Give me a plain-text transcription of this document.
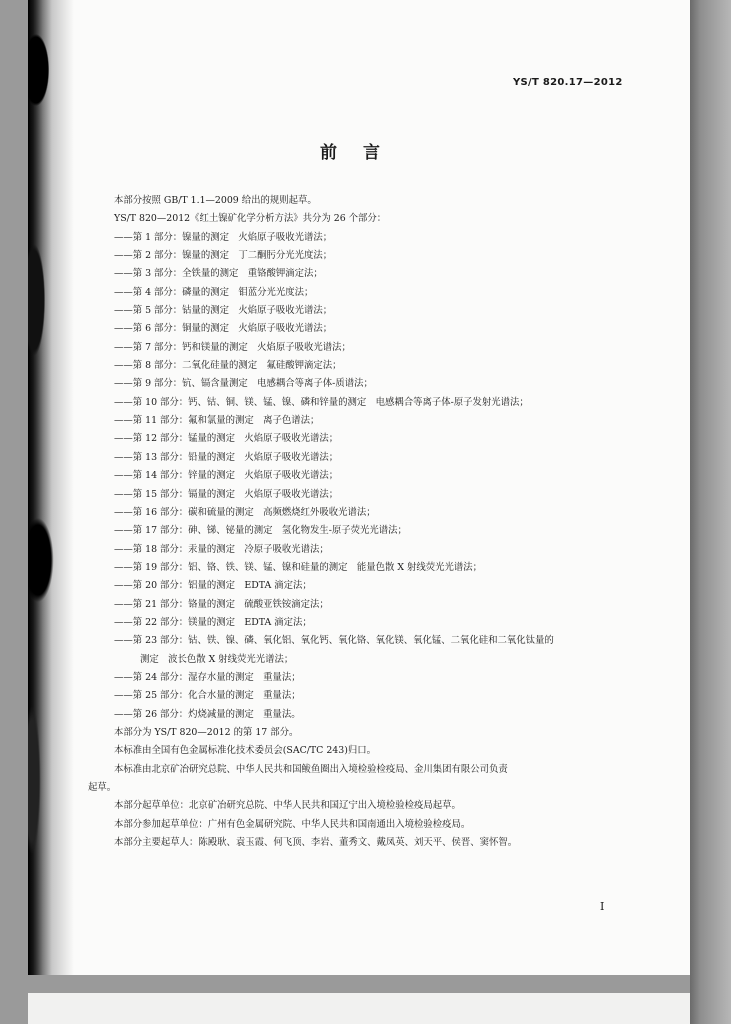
YS/T 820.17—2012

前言

本部分按照 GB/T 1.1—2009 给出的规则起草。

YS/T 820—2012《红土镍矿化学分析方法》共分为 26 个部分：

——第 1 部分：镍量的测定　火焰原子吸收光谱法；

——第 2 部分：镍量的测定　丁二酮肟分光光度法；

——第 3 部分：全铁量的测定　重铬酸钾滴定法；

——第 4 部分：磷量的测定　钼蓝分光光度法；

——第 5 部分：钴量的测定　火焰原子吸收光谱法；

——第 6 部分：铜量的测定　火焰原子吸收光谱法；

——第 7 部分：钙和镁量的测定　火焰原子吸收光谱法；

——第 8 部分：二氧化硅量的测定　氟硅酸钾滴定法；

——第 9 部分：钪、镉含量测定　电感耦合等离子体-质谱法；

——第 10 部分：钙、钴、铜、镁、锰、镍、磷和锌量的测定　电感耦合等离子体-原子发射光谱法；

——第 11 部分：氟和氯量的测定　离子色谱法；

——第 12 部分：锰量的测定　火焰原子吸收光谱法；

——第 13 部分：铅量的测定　火焰原子吸收光谱法；

——第 14 部分：锌量的测定　火焰原子吸收光谱法；

——第 15 部分：镉量的测定　火焰原子吸收光谱法；

——第 16 部分：碳和硫量的测定　高频燃烧红外吸收光谱法；

——第 17 部分：砷、锑、铋量的测定　氢化物发生-原子荧光光谱法；

——第 18 部分：汞量的测定　冷原子吸收光谱法；

——第 19 部分：铝、铬、铁、镁、锰、镍和硅量的测定　能量色散 X 射线荧光光谱法；

——第 20 部分：铝量的测定　EDTA 滴定法；

——第 21 部分：铬量的测定　硫酸亚铁铵滴定法；

——第 22 部分：镁量的测定　EDTA 滴定法；

——第 23 部分：钴、铁、镍、磷、氧化铝、氧化钙、氧化铬、氧化镁、氧化锰、二氧化硅和二氧化钛量的

测定　波长色散 X 射线荧光光谱法；

——第 24 部分：湿存水量的测定　重量法；

——第 25 部分：化合水量的测定　重量法；

——第 26 部分：灼烧减量的测定　重量法。

本部分为 YS/T 820—2012 的第 17 部分。

本标准由全国有色金属标准化技术委员会(SAC/TC 243)归口。

本标准由北京矿冶研究总院、中华人民共和国鲅鱼圈出入境检验检疫局、金川集团有限公司负责

起草。

本部分起草单位：北京矿冶研究总院、中华人民共和国辽宁出入境检验检疫局起草。

本部分参加起草单位：广州有色金属研究院、中华人民共和国南通出入境检验检疫局。

本部分主要起草人：陈殿耿、袁玉霞、何飞顶、李岩、董秀文、戴凤英、刘天平、侯晋、窦怀智。

I
